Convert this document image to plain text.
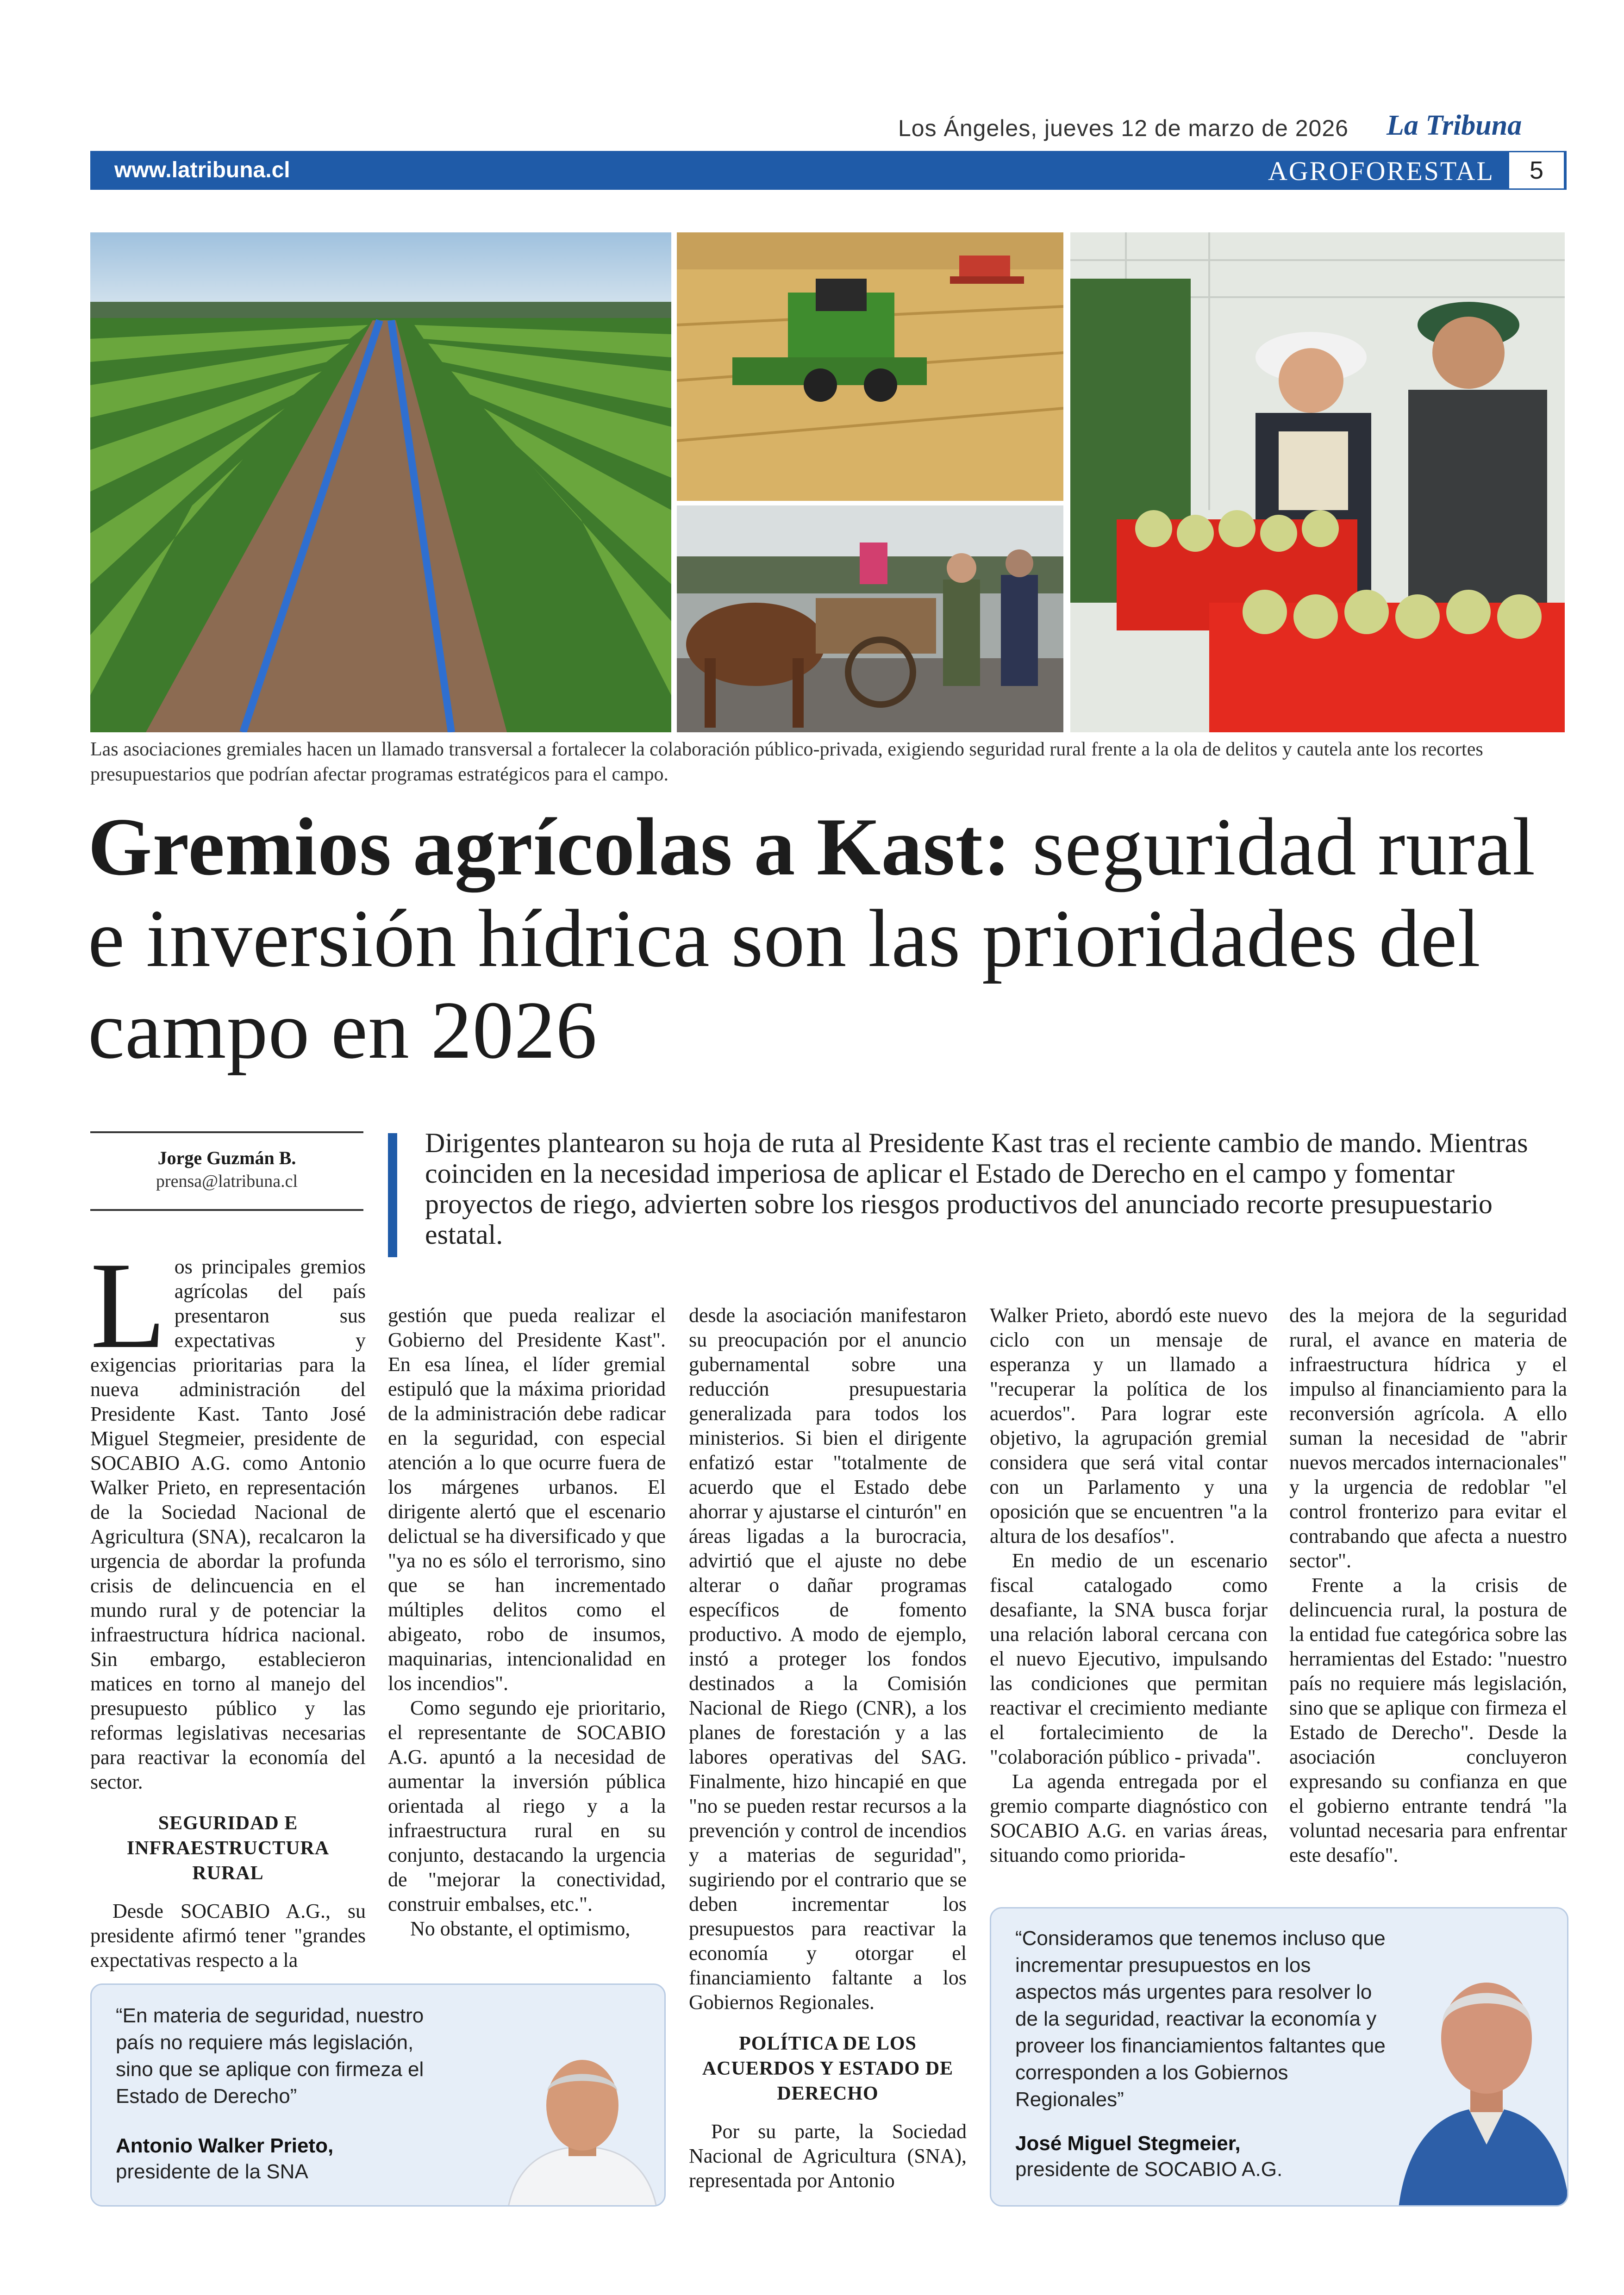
Los Ángeles, jueves 12 de marzo de 2026 La Tribuna
www.latribuna.cl	AGROFORESTAL	5
Las asociaciones gremiales hacen un llamado transversal a fortalecer la colaboración público-privada, exigiendo seguridad rural frente a la ola de delitos y cautela ante los recortes presupuestarios que podrían afectar programas estratégicos para el campo.
Gremios agrícolas a Kast: seguridad rural e inversión hídrica son las prioridades del campo en 2026
Jorge Guzmán B.
prensa@latribuna.cl
Dirigentes plantearon su hoja de ruta al Presidente Kast tras el reciente cambio de mando. Mientras coinciden en la necesidad imperiosa de aplicar el Estado de Derecho en el campo y fomentar proyectos de riego, advierten sobre los riesgos productivos del anunciado recorte presupuestario estatal.

Los principales gremios agrícolas del país presentaron sus expectativas y exigencias prioritarias para la nueva administración del Presidente Kast. Tanto José Miguel Stegmeier, presidente de SOCABIO A.G. como Antonio Walker Prieto, en representación de la Sociedad Nacional de Agricultura (SNA), recalcaron la urgencia de abordar la profunda crisis de delincuencia en el mundo rural y de potenciar la infraestructura hídrica nacional. Sin embargo, establecieron matices en torno al manejo del presupuesto público y las reformas legislativas necesarias para reactivar la economía del sector.

SEGURIDAD E INFRAESTRUCTURA RURAL

Desde SOCABIO A.G., su presidente afirmó tener "grandes expectativas respecto a la

gestión que pueda realizar el Gobierno del Presidente Kast". En esa línea, el líder gremial estipuló que la máxima prioridad de la administración debe radicar en la seguridad, con especial atención a lo que ocurre fuera de los márgenes urbanos. El dirigente alertó que el escenario delictual se ha diversificado y que "ya no es sólo el terrorismo, sino que se han incrementado múltiples delitos como el abigeato, robo de insumos, maquinarias, intencionalidad en los incendios".

Como segundo eje prioritario, el representante de SOCABIO A.G. apuntó a la necesidad de aumentar la inversión pública orientada al riego y a la infraestructura rural en su conjunto, destacando la urgencia de "mejorar la conectividad, construir embalses, etc.".

No obstante, el optimismo,

desde la asociación manifestaron su preocupación por el anuncio gubernamental sobre una reducción presupuestaria generalizada para todos los ministerios. Si bien el dirigente enfatizó estar "totalmente de acuerdo que el Estado debe ahorrar y ajustarse el cinturón" en áreas ligadas a la burocracia, advirtió que el ajuste no debe alterar o dañar programas específicos de fomento productivo. A modo de ejemplo, instó a proteger los fondos destinados a la Comisión Nacional de Riego (CNR), a los planes de forestación y a las labores operativas del SAG. Finalmente, hizo hincapié en que "no se pueden restar recursos a la prevención y control de incendios y a materias de seguridad", sugiriendo por el contrario que se deben incrementar los presupuestos para reactivar la economía y otorgar el financiamiento faltante a los Gobiernos Regionales.

POLÍTICA DE LOS ACUERDOS Y ESTADO DE DERECHO

Por su parte, la Sociedad Nacional de Agricultura (SNA), representada por Antonio

Walker Prieto, abordó este nuevo ciclo con un mensaje de esperanza y un llamado a "recuperar la política de los acuerdos". Para lograr este objetivo, la agrupación gremial considera que será vital contar con un Parlamento y una oposición que se encuentren "a la altura de los desafíos".

En medio de un escenario fiscal catalogado como desafiante, la SNA busca forjar una relación laboral cercana con el nuevo Ejecutivo, impulsando las condiciones que permitan reactivar el crecimiento mediante el fortalecimiento de la "colaboración público - privada".

La agenda entregada por el gremio comparte diagnóstico con SOCABIO A.G. en varias áreas, situando como priorida-

des la mejora de la seguridad rural, el avance en materia de infraestructura hídrica y el impulso al financiamiento para la reconversión agrícola. A ello suman la necesidad de "abrir nuevos mercados internacionales" y la urgencia de redoblar "el control fronterizo para evitar el contrabando que afecta a nuestro sector".

Frente a la crisis de delincuencia rural, la postura de la entidad fue categórica sobre las herramientas del Estado: "nuestro país no requiere más legislación, sino que se aplique con firmeza el Estado de Derecho". Desde la asociación concluyeron expresando su confianza en que el gobierno entrante tendrá "la voluntad necesaria para enfrentar este desafío".

“En materia de seguridad, nuestro país no requiere más legislación, sino que se aplique con firmeza el Estado de Derecho”
Antonio Walker Prieto,
presidente de la SNA
“Consideramos que tenemos incluso que incrementar presupuestos en los aspectos más urgentes para resolver lo de la seguridad, reactivar la economía y proveer los financiamientos faltantes que corresponden a los Gobiernos Regionales”
José Miguel Stegmeier,
presidente de SOCABIO A.G.
